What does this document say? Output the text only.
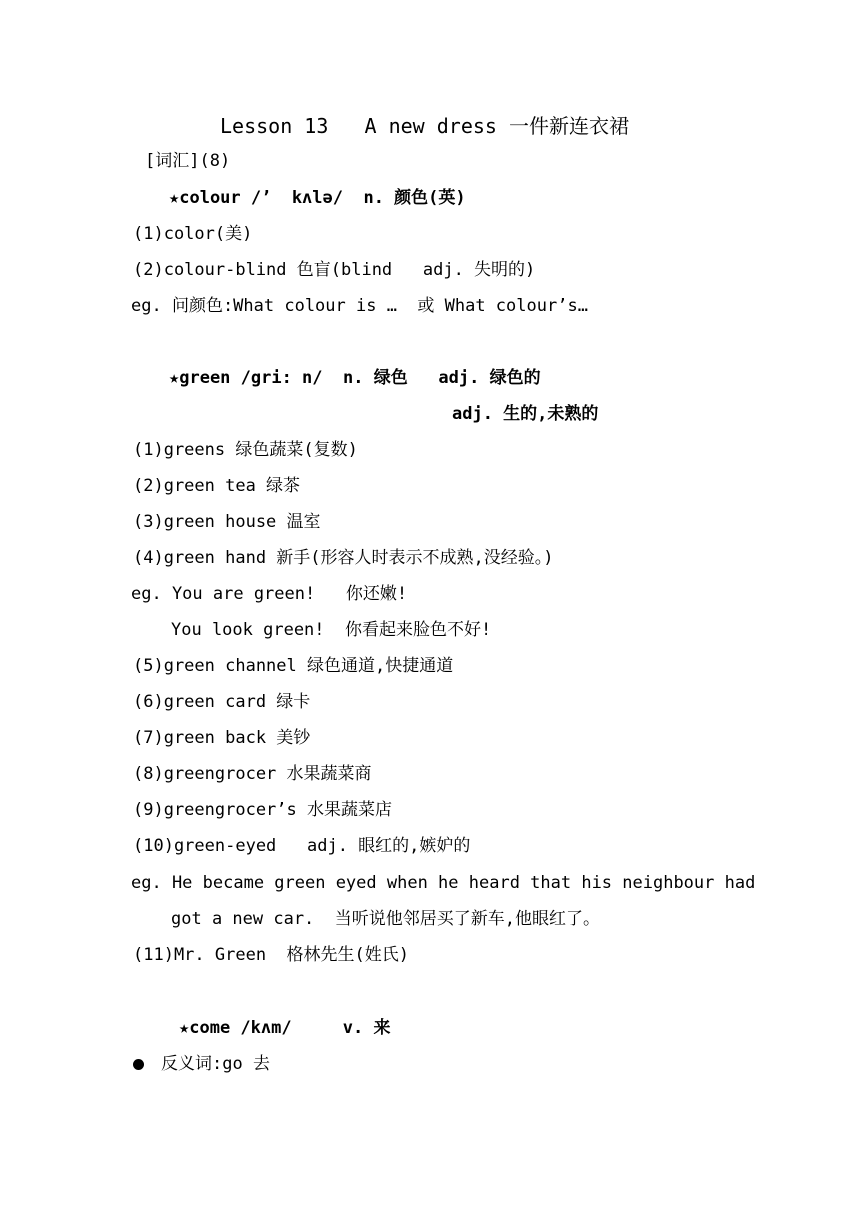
Lesson 13   A new dress 一件新连衣裙
[词汇](8)
★colour /’  kʌlə/  n. 颜色(英)
(1)color(美)
(2)colour-blind 色盲(blind   adj. 失明的)
eg. 问颜色:What colour is …  或 What colour’s…
★green /gri: n/  n. 绿色   adj. 绿色的
adj. 生的,未熟的
(1)greens 绿色蔬菜(复数)
(2)green tea 绿茶
(3)green house 温室
(4)green hand 新手(形容人时表示不成熟,没经验。)
eg. You are green!   你还嫩!
You look green!  你看起来脸色不好!
(5)green channel 绿色通道,快捷通道
(6)green card 绿卡
(7)green back 美钞
(8)greengrocer 水果蔬菜商
(9)greengrocer’s 水果蔬菜店
(10)green-eyed   adj. 眼红的,嫉妒的
eg. He became green eyed when he heard that his neighbour had
got a new car.  当听说他邻居买了新车,他眼红了。
(11)Mr. Green  格林先生(姓氏)
★come /kʌm/     v. 来
反义词:go 去
